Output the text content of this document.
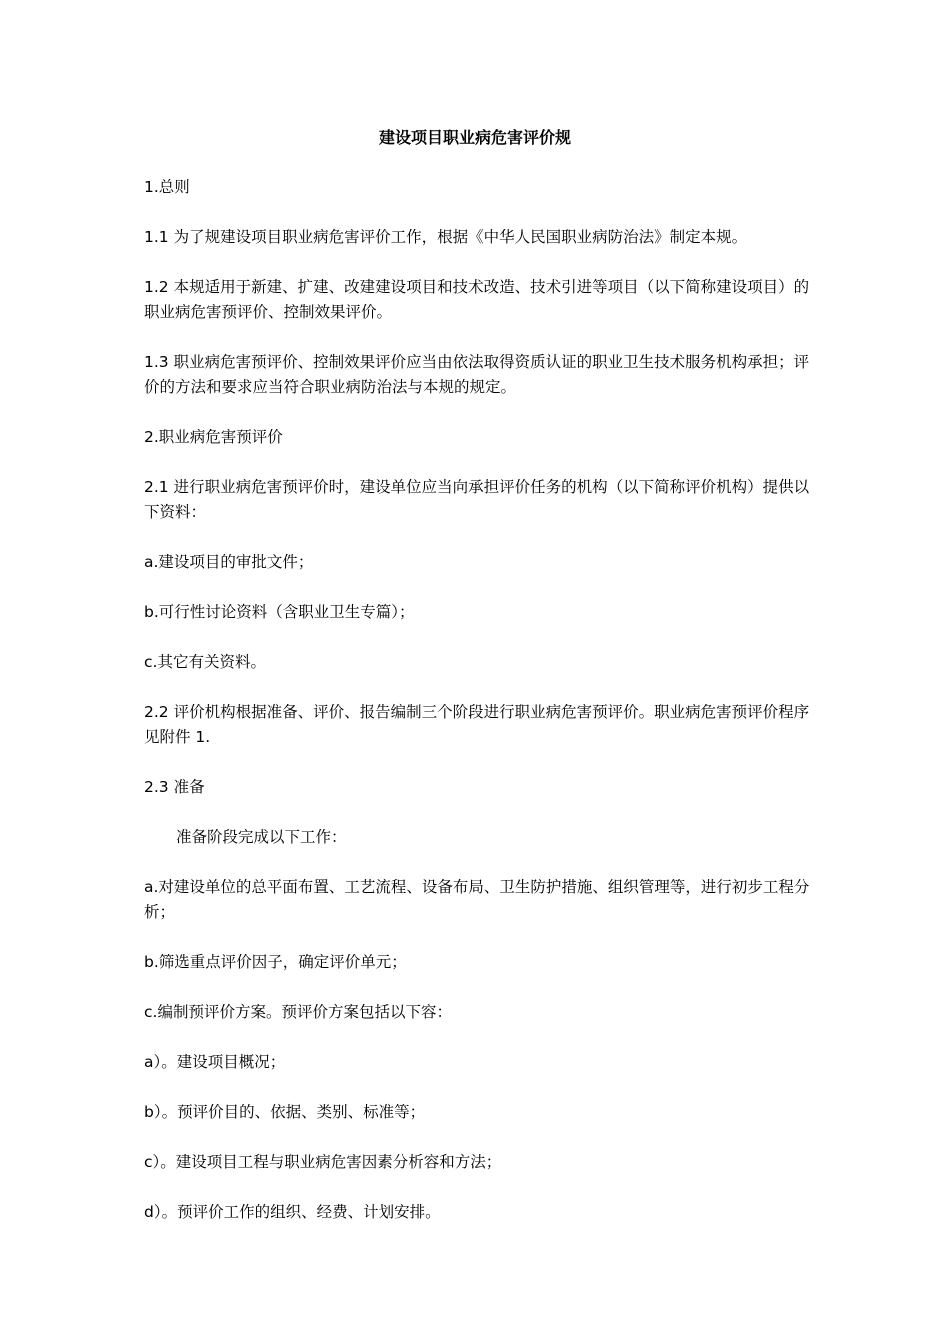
建设项目职业病危害评价规

1.总则

1.1 为了规建设项目职业病危害评价工作，根据《中华人民国职业病防治法》制定本规。

1.2 本规适用于新建、扩建、改建建设项目和技术改造、技术引进等项目（以下简称建设项目）的职业病危害预评价、控制效果评价。

1.3 职业病危害预评价、控制效果评价应当由依法取得资质认证的职业卫生技术服务机构承担；评价的方法和要求应当符合职业病防治法与本规的规定。

2.职业病危害预评价

2.1 进行职业病危害预评价时，建设单位应当向承担评价任务的机构（以下简称评价机构）提供以下资料：

a.建设项目的审批文件；

b.可行性讨论资料（含职业卫生专篇）；

c.其它有关资料。

2.2 评价机构根据准备、评价、报告编制三个阶段进行职业病危害预评价。职业病危害预评价程序见附件 1.

2.3 准备

准备阶段完成以下工作：

a.对建设单位的总平面布置、工艺流程、设备布局、卫生防护措施、组织管理等，进行初步工程分析；

b.筛选重点评价因子，确定评价单元；

c.编制预评价方案。预评价方案包括以下容：

a）。建设项目概况；

b）。预评价目的、依据、类别、标准等；

c）。建设项目工程与职业病危害因素分析容和方法；

d）。预评价工作的组织、经费、计划安排。
